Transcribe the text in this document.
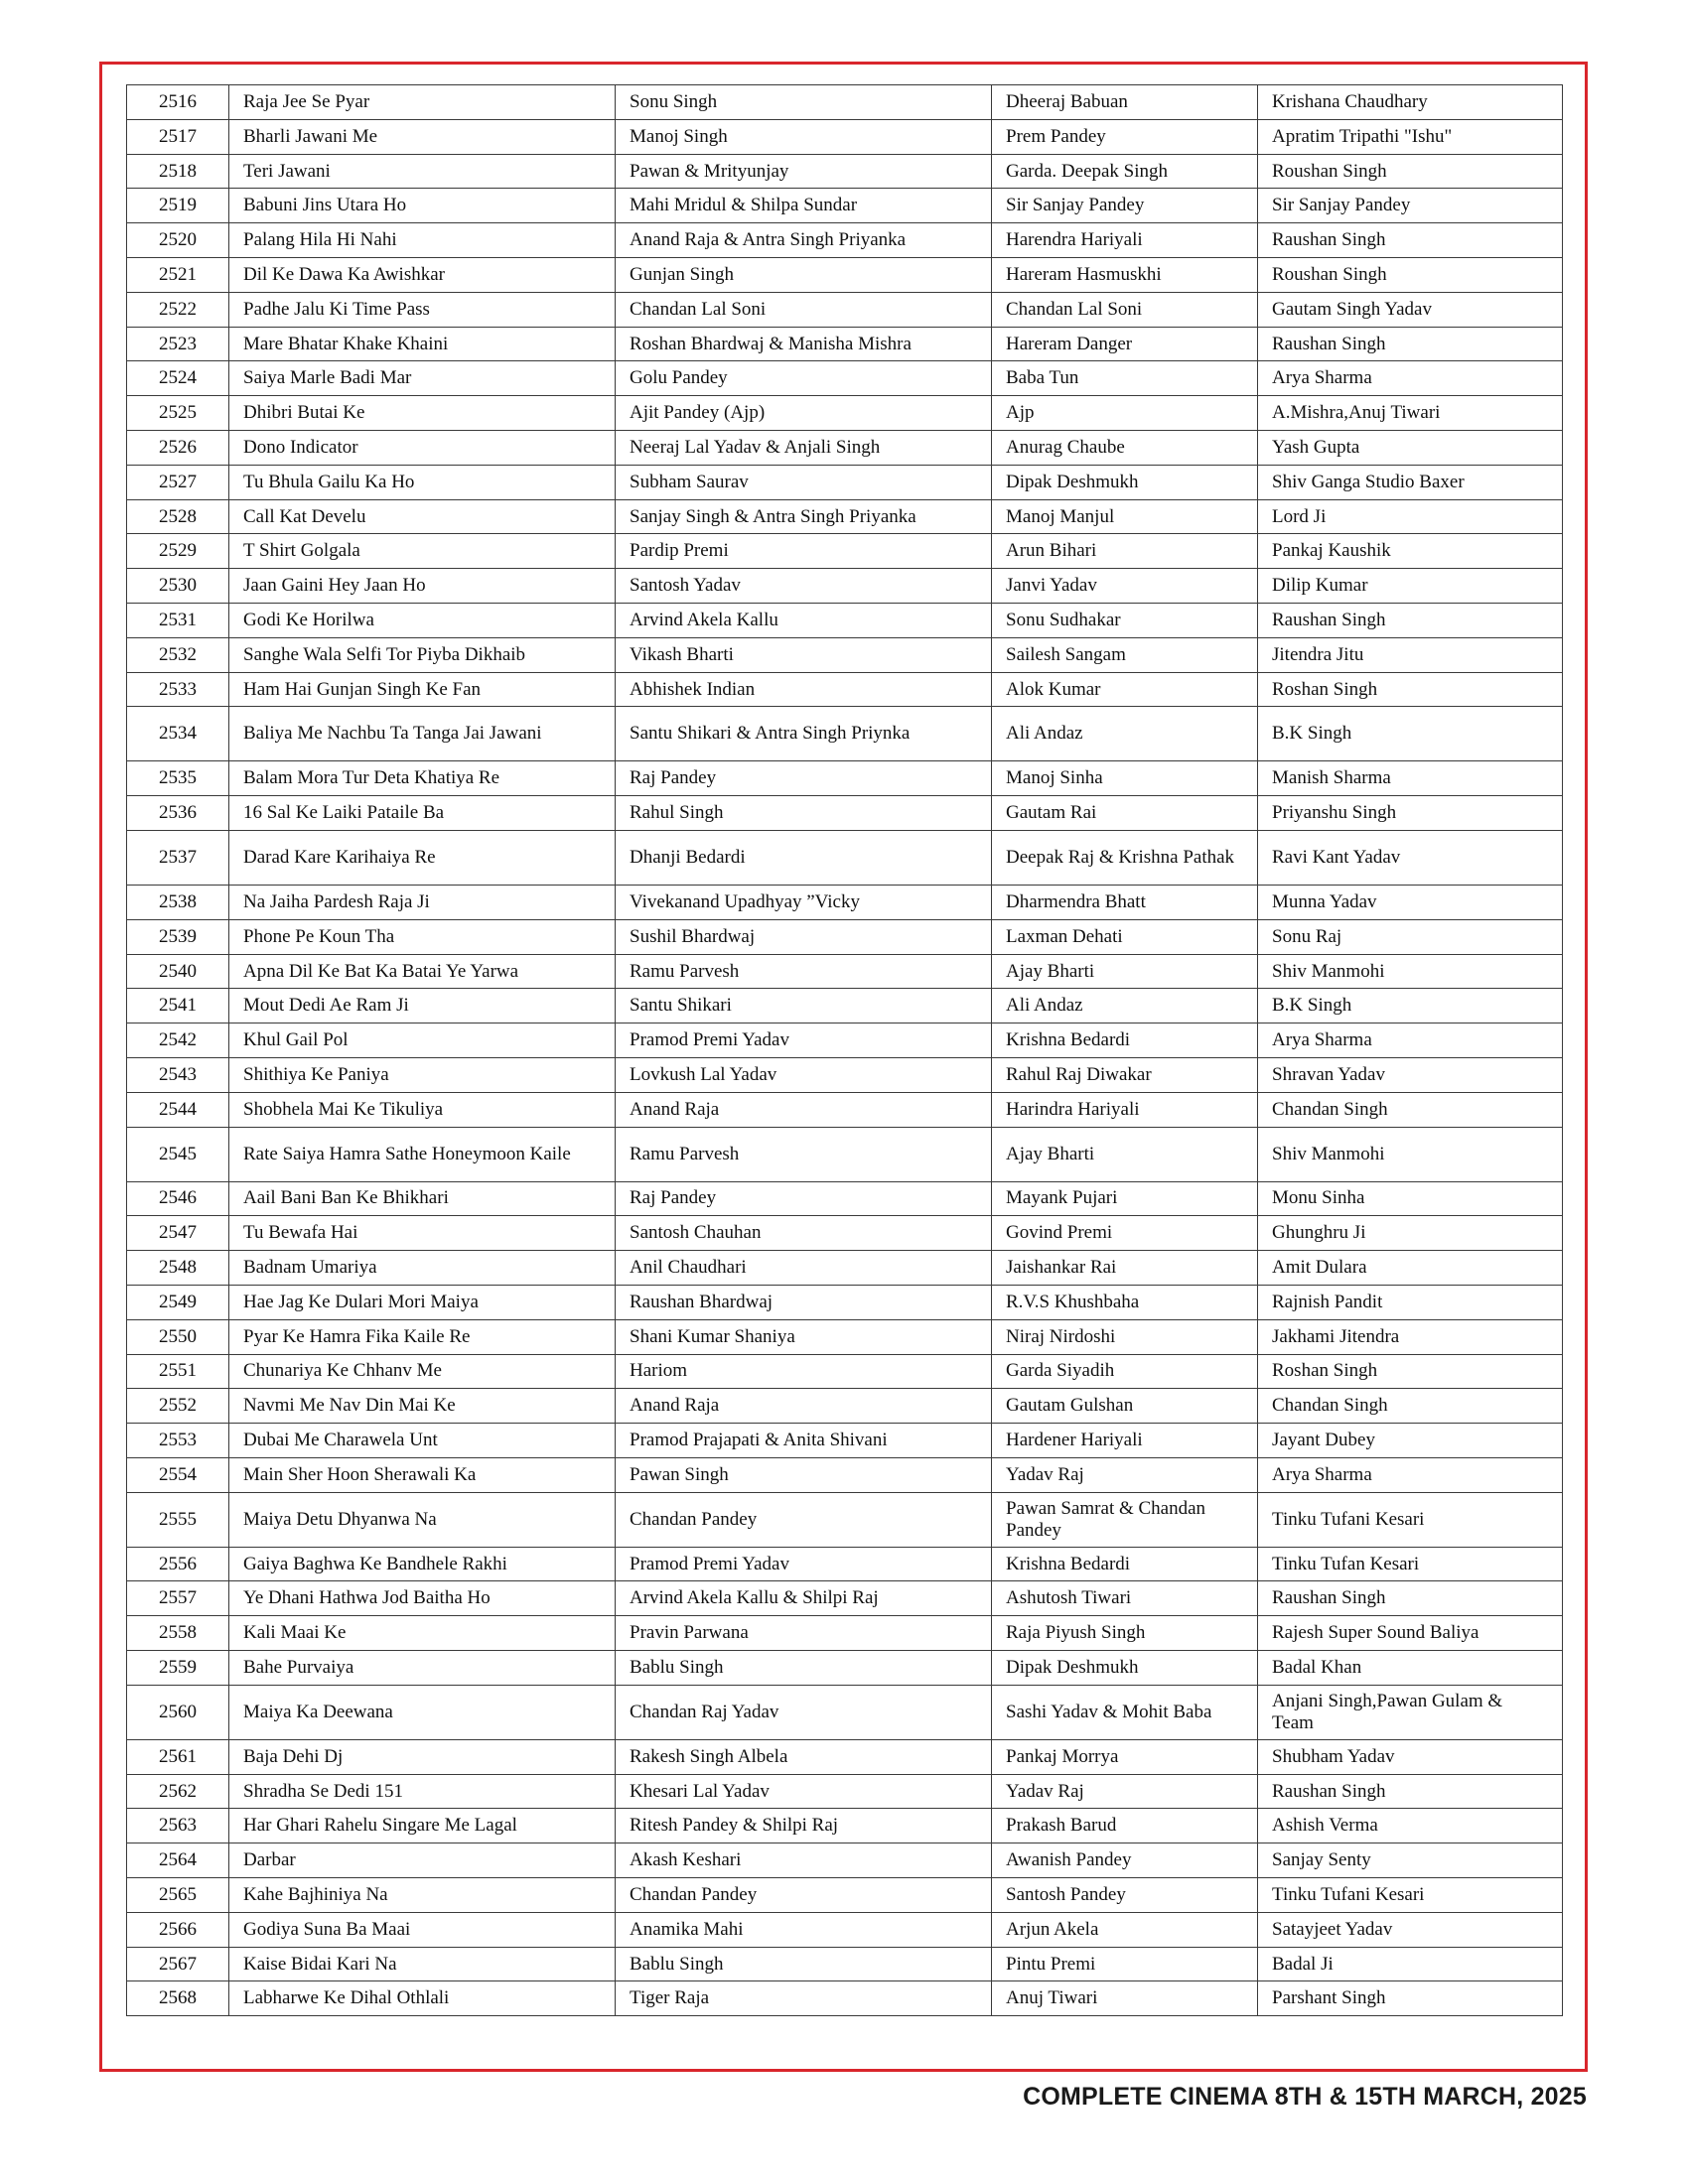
2516	Raja Jee Se Pyar	Sonu Singh	Dheeraj Babuan	Krishana Chaudhary
2517	Bharli Jawani Me	Manoj Singh	Prem Pandey	Apratim Tripathi "Ishu"
2518	Teri Jawani	Pawan & Mrityunjay	Garda. Deepak Singh	Roushan Singh
2519	Babuni Jins Utara Ho	Mahi Mridul & Shilpa Sundar	Sir Sanjay Pandey	Sir Sanjay Pandey
2520	Palang Hila Hi Nahi	Anand Raja & Antra Singh Priyanka	Harendra Hariyali	Raushan Singh
2521	Dil Ke Dawa Ka Awishkar	Gunjan Singh	Hareram Hasmuskhi	Roushan Singh
2522	Padhe Jalu Ki Time Pass	Chandan Lal Soni	Chandan Lal Soni	Gautam Singh Yadav
2523	Mare Bhatar Khake Khaini	Roshan Bhardwaj & Manisha Mishra	Hareram Danger	Raushan Singh
2524	Saiya Marle Badi Mar	Golu Pandey	Baba Tun	Arya Sharma
2525	Dhibri Butai Ke	Ajit Pandey (Ajp)	Ajp	A.Mishra,Anuj Tiwari
2526	Dono Indicator	Neeraj Lal Yadav & Anjali Singh	Anurag Chaube	Yash Gupta
2527	Tu Bhula Gailu Ka Ho	Subham Saurav	Dipak Deshmukh	Shiv Ganga Studio Baxer
2528	Call Kat Develu	Sanjay Singh & Antra Singh Priyanka	Manoj Manjul	Lord Ji
2529	T Shirt Golgala	Pardip Premi	Arun Bihari	Pankaj Kaushik
2530	Jaan Gaini Hey Jaan Ho	Santosh Yadav	Janvi Yadav	Dilip Kumar
2531	Godi Ke Horilwa	Arvind Akela Kallu	Sonu Sudhakar	Raushan Singh
2532	Sanghe Wala Selfi Tor Piyba Dikhaib	Vikash Bharti	Sailesh Sangam	Jitendra Jitu
2533	Ham Hai Gunjan Singh Ke Fan	Abhishek Indian	Alok Kumar	Roshan Singh
2534	Baliya Me Nachbu Ta Tanga Jai Jawani	Santu Shikari & Antra Singh Priynka	Ali Andaz	B.K Singh
2535	Balam Mora Tur Deta Khatiya Re	Raj Pandey	Manoj Sinha	Manish Sharma
2536	16 Sal Ke Laiki Pataile Ba	Rahul Singh	Gautam Rai	Priyanshu Singh
2537	Darad Kare Karihaiya Re	Dhanji Bedardi	Deepak Raj & Krishna Pathak	Ravi Kant Yadav
2538	Na Jaiha Pardesh Raja Ji	Vivekanand Upadhyay ”Vicky	Dharmendra Bhatt	Munna Yadav
2539	Phone Pe Koun Tha	Sushil Bhardwaj	Laxman Dehati	Sonu Raj
2540	Apna Dil Ke Bat Ka Batai Ye Yarwa	Ramu Parvesh	Ajay Bharti	Shiv Manmohi
2541	Mout Dedi Ae Ram Ji	Santu Shikari	Ali Andaz	B.K Singh
2542	Khul Gail Pol	Pramod Premi Yadav	Krishna Bedardi	Arya Sharma
2543	Shithiya Ke Paniya	Lovkush Lal Yadav	Rahul Raj Diwakar	Shravan Yadav
2544	Shobhela Mai Ke Tikuliya	Anand Raja	Harindra Hariyali	Chandan Singh
2545	Rate Saiya Hamra Sathe Honeymoon Kaile	Ramu Parvesh	Ajay Bharti	Shiv Manmohi
2546	Aail Bani Ban Ke Bhikhari	Raj Pandey	Mayank Pujari	Monu Sinha
2547	Tu Bewafa Hai	Santosh Chauhan	Govind Premi	Ghunghru Ji
2548	Badnam Umariya	Anil Chaudhari	Jaishankar Rai	Amit Dulara
2549	Hae Jag Ke Dulari Mori Maiya	Raushan Bhardwaj	R.V.S Khushbaha	Rajnish Pandit
2550	Pyar Ke Hamra Fika Kaile Re	Shani Kumar Shaniya	Niraj Nirdoshi	Jakhami Jitendra
2551	Chunariya Ke Chhanv Me	Hariom	Garda Siyadih	Roshan Singh
2552	Navmi Me Nav Din Mai Ke	Anand Raja	Gautam Gulshan	Chandan Singh
2553	Dubai Me Charawela Unt	Pramod Prajapati & Anita Shivani	Hardener Hariyali	Jayant Dubey
2554	Main Sher Hoon Sherawali Ka	Pawan Singh	Yadav Raj	Arya Sharma
2555	Maiya Detu Dhyanwa Na	Chandan Pandey	Pawan Samrat & Chandan Pandey	Tinku Tufani Kesari
2556	Gaiya Baghwa Ke Bandhele Rakhi	Pramod Premi Yadav	Krishna Bedardi	Tinku Tufan Kesari
2557	Ye Dhani Hathwa Jod Baitha Ho	Arvind Akela Kallu & Shilpi Raj	Ashutosh Tiwari	Raushan Singh
2558	Kali Maai Ke	Pravin Parwana	Raja Piyush Singh	Rajesh Super Sound Baliya
2559	Bahe Purvaiya	Bablu Singh	Dipak Deshmukh	Badal Khan
2560	Maiya Ka Deewana	Chandan Raj Yadav	Sashi Yadav & Mohit Baba	Anjani Singh,Pawan Gulam & Team
2561	Baja Dehi Dj	Rakesh Singh Albela	Pankaj Morrya	Shubham Yadav
2562	Shradha Se Dedi 151	Khesari Lal Yadav	Yadav Raj	Raushan Singh
2563	Har Ghari Rahelu Singare Me Lagal	Ritesh Pandey & Shilpi Raj	Prakash Barud	Ashish Verma
2564	Darbar	Akash Keshari	Awanish Pandey	Sanjay Senty
2565	Kahe Bajhiniya Na	Chandan Pandey	Santosh Pandey	Tinku Tufani Kesari
2566	Godiya Suna Ba Maai	Anamika Mahi	Arjun Akela	Satayjeet Yadav
2567	Kaise Bidai Kari Na	Bablu Singh	Pintu Premi	Badal Ji
2568	Labharwe Ke Dihal Othlali	Tiger Raja	Anuj Tiwari	Parshant Singh
COMPLETE CINEMA 8TH & 15TH MARCH, 2025
